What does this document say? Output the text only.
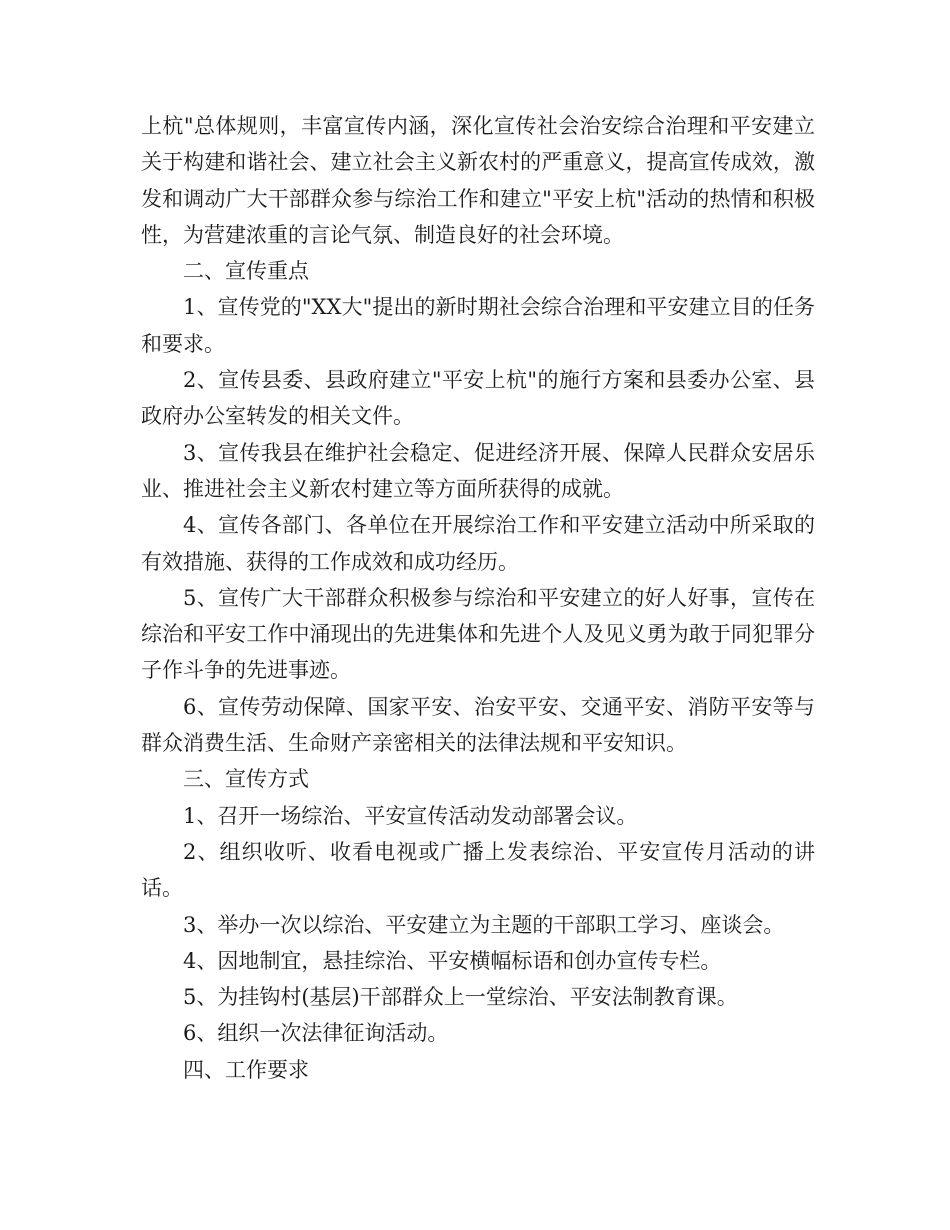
上杭"总体规则，丰富宣传内涵，深化宣传社会治安综合治理和平安建立关于构建和谐社会、建立社会主义新农村的严重意义，提高宣传成效，激发和调动广大干部群众参与综治工作和建立"平安上杭"活动的热情和积极性，为营建浓重的言论气氛、制造良好的社会环境。

二、宣传重点

1、宣传党的"XX大"提出的新时期社会综合治理和平安建立目的任务和要求。

2、宣传县委、县政府建立"平安上杭"的施行方案和县委办公室、县政府办公室转发的相关文件。

3、宣传我县在维护社会稳定、促进经济开展、保障人民群众安居乐业、推进社会主义新农村建立等方面所获得的成就。

4、宣传各部门、各单位在开展综治工作和平安建立活动中所采取的有效措施、获得的工作成效和成功经历。

5、宣传广大干部群众积极参与综治和平安建立的好人好事，宣传在综治和平安工作中涌现出的先进集体和先进个人及见义勇为敢于同犯罪分子作斗争的先进事迹。

6、宣传劳动保障、国家平安、治安平安、交通平安、消防平安等与群众消费生活、生命财产亲密相关的法律法规和平安知识。

三、宣传方式

1、召开一场综治、平安宣传活动发动部署会议。

2、组织收听、收看电视或广播上发表综治、平安宣传月活动的讲话。

3、举办一次以综治、平安建立为主题的干部职工学习、座谈会。

4、因地制宜，悬挂综治、平安横幅标语和创办宣传专栏。

5、为挂钩村(基层)干部群众上一堂综治、平安法制教育课。

6、组织一次法律征询活动。

四、工作要求
